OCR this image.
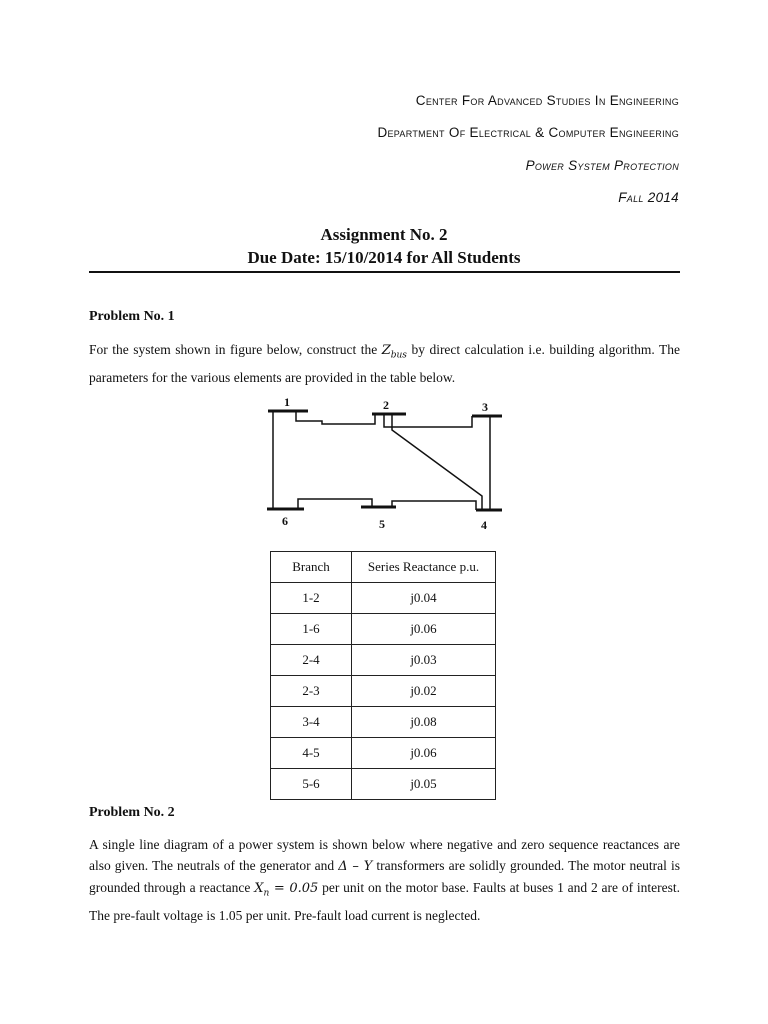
Center For Advanced Studies In Engineering
Department Of Electrical & Computer Engineering
Power System Protection
Fall 2014
Assignment No. 2
Due Date: 15/10/2014 for All Students
Problem No. 1
For the system shown in figure below, construct the $Z_{bus}$ by direct calculation i.e. building algorithm. The parameters for the various elements are provided in the table below.
1	2	3
4
5
6
Branch	Series Reactance p.u.
1-2	j0.04
1-6	j0.06
2-4	j0.03
2-3	j0.02
3-4	j0.08
4-5	j0.06
5-6	j0.05
Problem No. 2
A single line diagram of a power system is shown below where negative and zero sequence reactances are also given. The neutrals of the generator and Δ – Y transformers are solidly grounded. The motor neutral is grounded through a reactance $X_n = 0.05$ per unit on the motor base. Faults at buses 1 and 2 are of interest. The pre-fault voltage is 1.05 per unit. Pre-fault load current is neglected.
